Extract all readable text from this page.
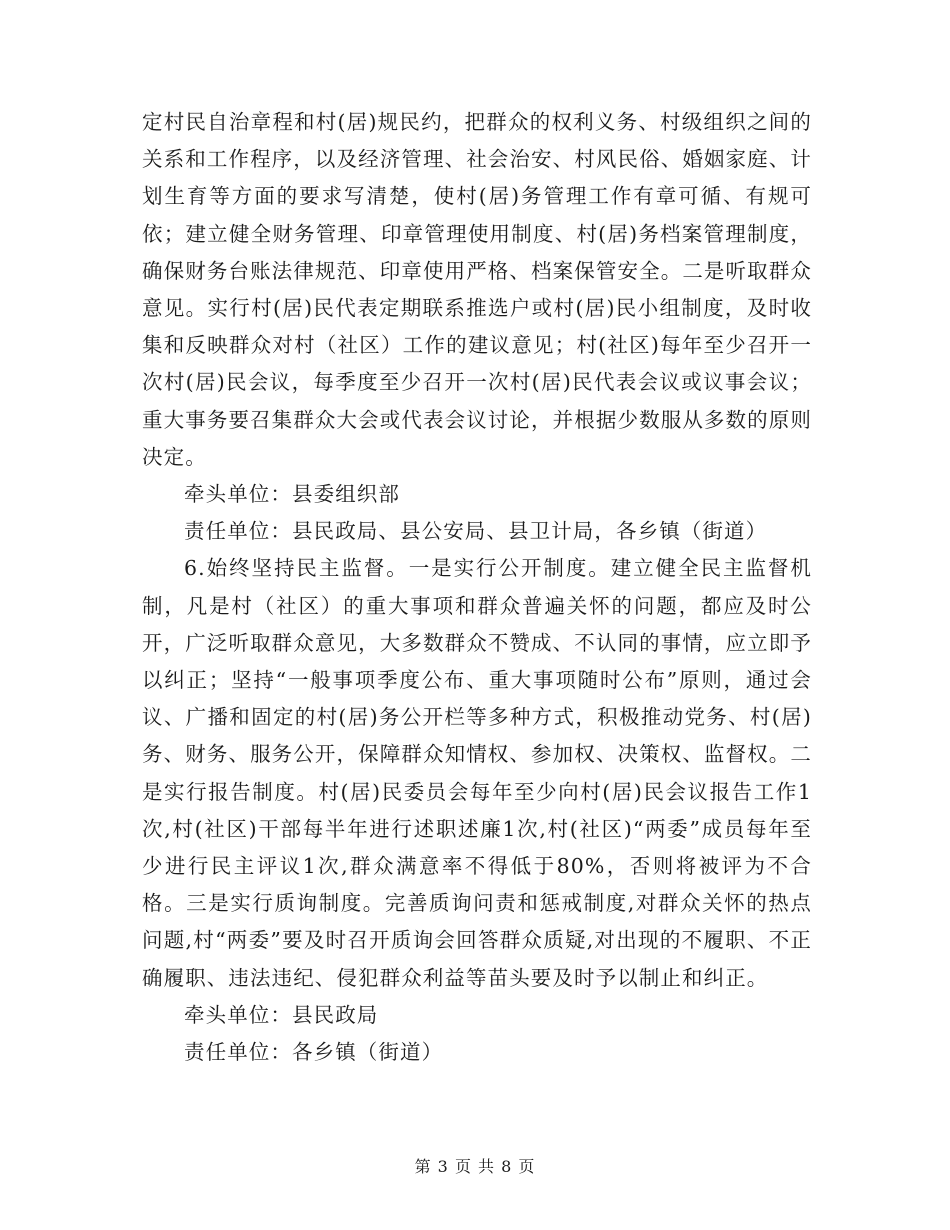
定村民自治章程和村(居)规民约，把群众的权利义务、村级组织之间的关系和工作程序，以及经济管理、社会治安、村风民俗、婚姻家庭、计划生育等方面的要求写清楚，使村(居)务管理工作有章可循、有规可依；建立健全财务管理、印章管理使用制度、村(居)务档案管理制度，确保财务台账法律规范、印章使用严格、档案保管安全。二是听取群众意见。实行村(居)民代表定期联系推选户或村(居)民小组制度，及时收集和反映群众对村（社区）工作的建议意见；村(社区)每年至少召开一次村(居)民会议，每季度至少召开一次村(居)民代表会议或议事会议；重大事务要召集群众大会或代表会议讨论，并根据少数服从多数的原则决定。

牵头单位：县委组织部

责任单位：县民政局、县公安局、县卫计局，各乡镇（街道）

6.始终坚持民主监督。一是实行公开制度。建立健全民主监督机制，凡是村（社区）的重大事项和群众普遍关怀的问题，都应及时公开，广泛听取群众意见，大多数群众不赞成、不认同的事情，应立即予以纠正；坚持“一般事项季度公布、重大事项随时公布”原则，通过会议、广播和固定的村(居)务公开栏等多种方式，积极推动党务、村(居)务、财务、服务公开，保障群众知情权、参加权、决策权、监督权。二是实行报告制度。村(居)民委员会每年至少向村(居)民会议报告工作1次,村(社区)干部每半年进行述职述廉1次,村(社区)“两委”成员每年至少进行民主评议1次,群众满意率不得低于80%，否则将被评为不合格。三是实行质询制度。完善质询问责和惩戒制度,对群众关怀的热点问题,村“两委”要及时召开质询会回答群众质疑,对出现的不履职、不正确履职、违法违纪、侵犯群众利益等苗头要及时予以制止和纠正。

牵头单位：县民政局

责任单位：各乡镇（街道）

第 3 页 共 8 页
